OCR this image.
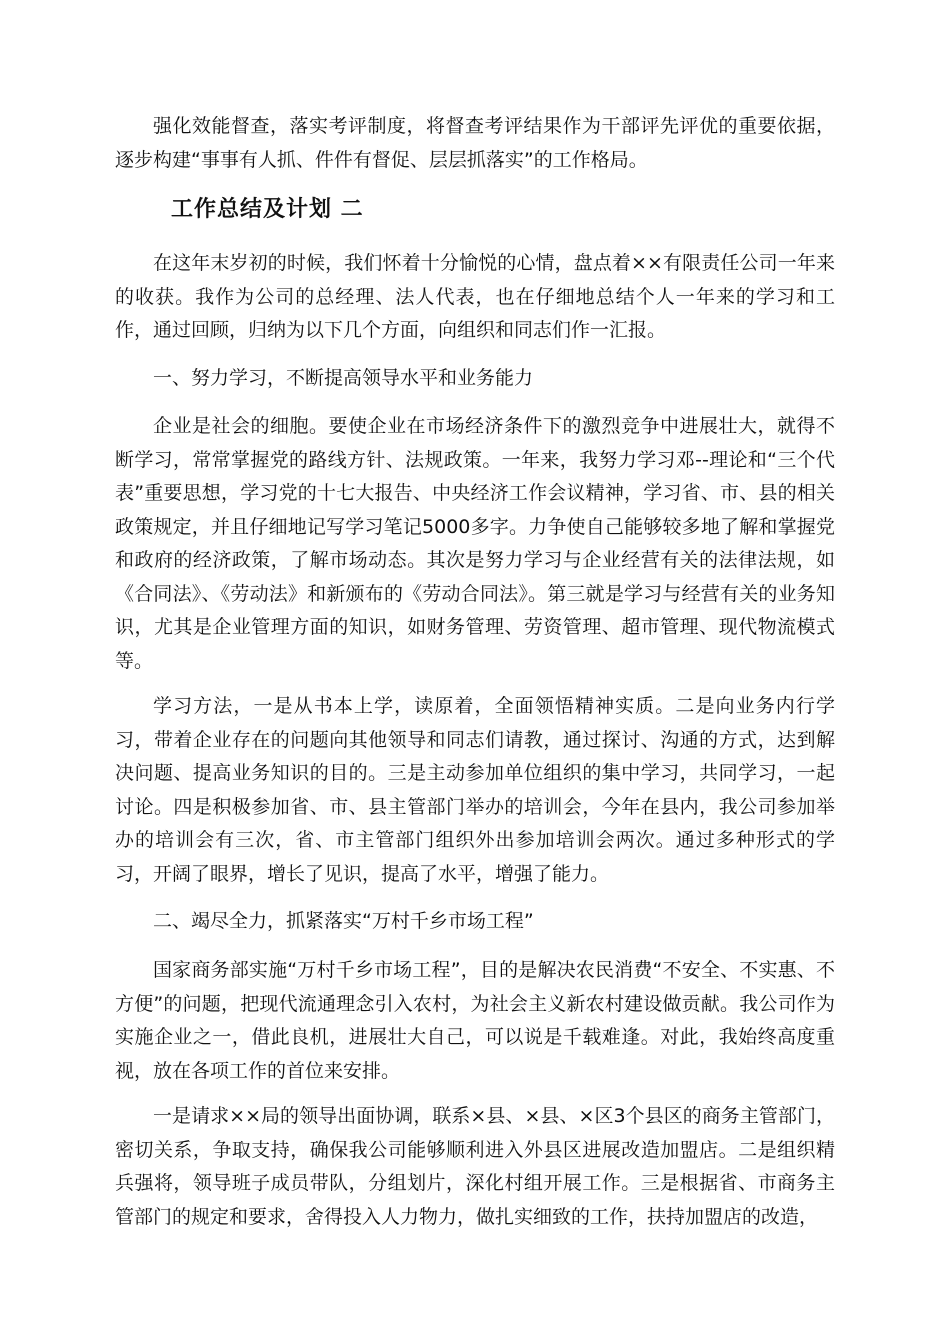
强化效能督查，落实考评制度，将督查考评结果作为干部评先评优的重要依据，逐步构建“事事有人抓、件件有督促、层层抓落实”的工作格局。

工作总结及计划 二

在这年末岁初的时候，我们怀着十分愉悦的心情，盘点着××有限责任公司一年来的收获。我作为公司的总经理、法人代表，也在仔细地总结个人一年来的学习和工作，通过回顾，归纳为以下几个方面，向组织和同志们作一汇报。

一、努力学习，不断提高领导水平和业务能力

企业是社会的细胞。要使企业在市场经济条件下的激烈竞争中进展壮大，就得不断学习，常常掌握党的路线方针、法规政策。一年来，我努力学习邓--理论和“三个代表”重要思想，学习党的十七大报告、中央经济工作会议精神，学习省、市、县的相关政策规定，并且仔细地记写学习笔记5000多字。力争使自己能够较多地了解和掌握党和政府的经济政策，了解市场动态。其次是努力学习与企业经营有关的法律法规，如《合同法》、《劳动法》和新颁布的《劳动合同法》。第三就是学习与经营有关的业务知识，尤其是企业管理方面的知识，如财务管理、劳资管理、超市管理、现代物流模式等。

学习方法，一是从书本上学，读原着，全面领悟精神实质。二是向业务内行学习，带着企业存在的问题向其他领导和同志们请教，通过探讨、沟通的方式，达到解决问题、提高业务知识的目的。三是主动参加单位组织的集中学习，共同学习，一起讨论。四是积极参加省、市、县主管部门举办的培训会，今年在县内，我公司参加举办的培训会有三次，省、市主管部门组织外出参加培训会两次。通过多种形式的学习，开阔了眼界，增长了见识，提高了水平，增强了能力。

二、竭尽全力，抓紧落实“万村千乡市场工程”

国家商务部实施“万村千乡市场工程”，目的是解决农民消费“不安全、不实惠、不方便”的问题，把现代流通理念引入农村，为社会主义新农村建设做贡献。我公司作为实施企业之一，借此良机，进展壮大自己，可以说是千载难逢。对此，我始终高度重视，放在各项工作的首位来安排。

一是请求××局的领导出面协调，联系×县、×县、×区3个县区的商务主管部门，密切关系，争取支持，确保我公司能够顺利进入外县区进展改造加盟店。二是组织精兵强将，领导班子成员带队，分组划片，深化村组开展工作。三是根据省、市商务主管部门的规定和要求，舍得投入人力物力，做扎实细致的工作，扶持加盟店的改造，
